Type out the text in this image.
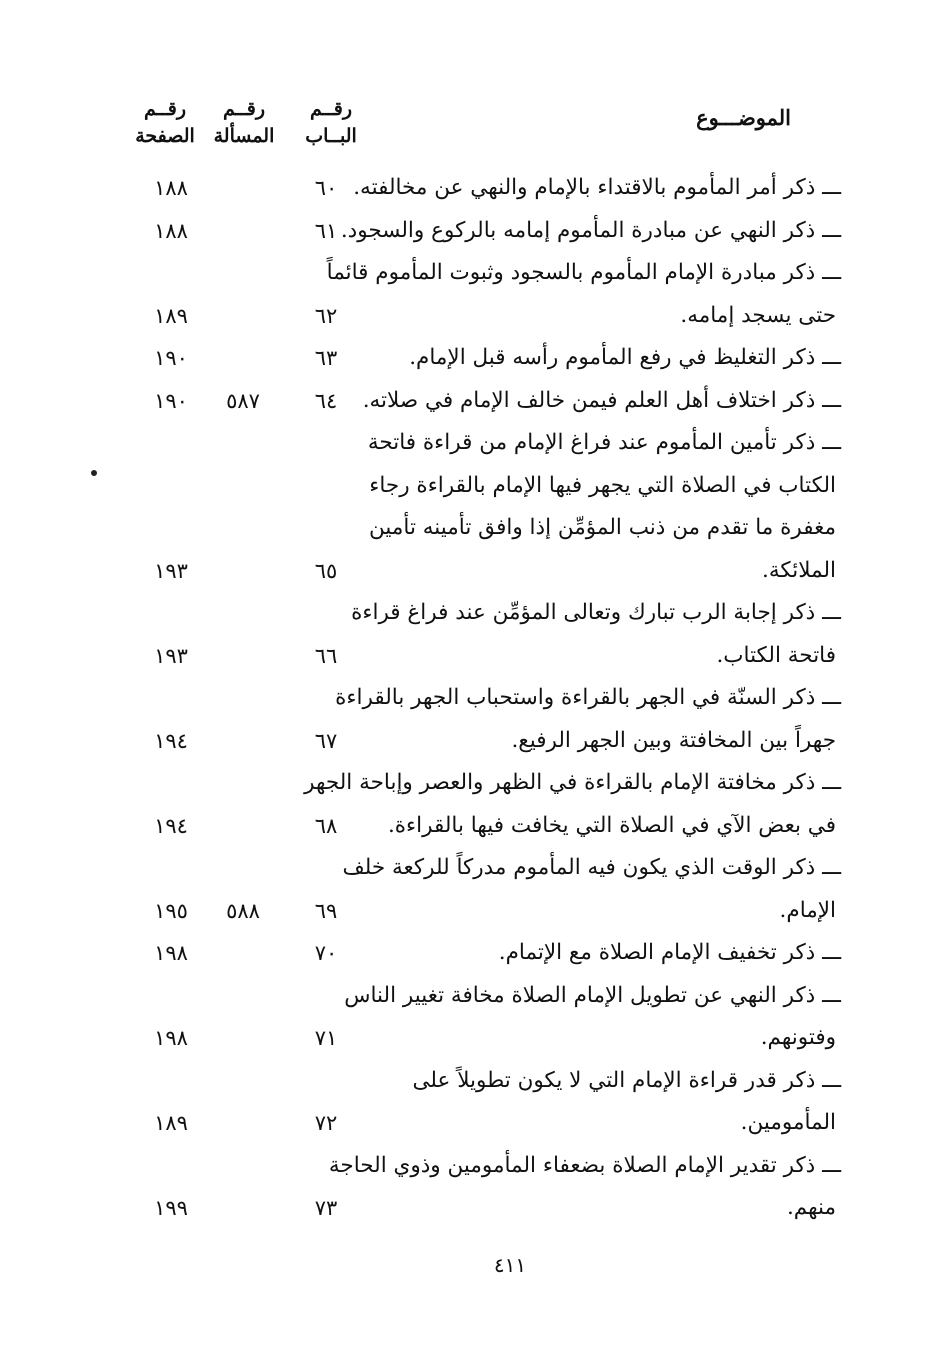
الموضـــوع
رقــم
البــاب
رقــم
المسألة
رقــم
الصفحة
ـــ ذكر أمر المأموم بالاقتداء بالإمام والنهي عن مخالفته.
٦٠
١٨٨
ـــ ذكر النهي عن مبادرة المأموم إمامه بالركوع والسجود.
٦١
١٨٨
ـــ ذكر مبادرة الإمام المأموم بالسجود وثبوت المأموم قائماً
حتى يسجد إمامه.
٦٢
١٨٩
ـــ ذكر التغليظ في رفع المأموم رأسه قبل الإمام.
٦٣
١٩٠
ـــ ذكر اختلاف أهل العلم فيمن خالف الإمام في صلاته.
٦٤
٥٨٧
١٩٠
ـــ ذكر تأمين المأموم عند فراغ الإمام من قراءة فاتحة
الكتاب في الصلاة التي يجهر فيها الإمام بالقراءة رجاء
مغفرة ما تقدم من ذنب المؤمِّن إذا وافق تأمينه تأمين
الملائكة.
٦٥
١٩٣
ـــ ذكر إجابة الرب تبارك وتعالى المؤمِّن عند فراغ قراءة
فاتحة الكتاب.
٦٦
١٩٣
ـــ ذكر السنّة في الجهر بالقراءة واستحباب الجهر بالقراءة
جهراً بين المخافتة وبين الجهر الرفيع.
٦٧
١٩٤
ـــ ذكر مخافتة الإمام بالقراءة في الظهر والعصر وإباحة الجهر
في بعض الآي في الصلاة التي يخافت فيها بالقراءة.
٦٨
١٩٤
ـــ ذكر الوقت الذي يكون فيه المأموم مدركاً للركعة خلف
الإمام.
٦٩
٥٨٨
١٩٥
ـــ ذكر تخفيف الإمام الصلاة مع الإتمام.
٧٠
١٩٨
ـــ ذكر النهي عن تطويل الإمام الصلاة مخافة تغيير الناس
وفتونهم.
٧١
١٩٨
ـــ ذكر قدر قراءة الإمام التي لا يكون تطويلاً على
المأمومين.
٧٢
١٨٩
ـــ ذكر تقدير الإمام الصلاة بضعفاء المأمومين وذوي الحاجة
منهم.
٧٣
١٩٩
٤١١
